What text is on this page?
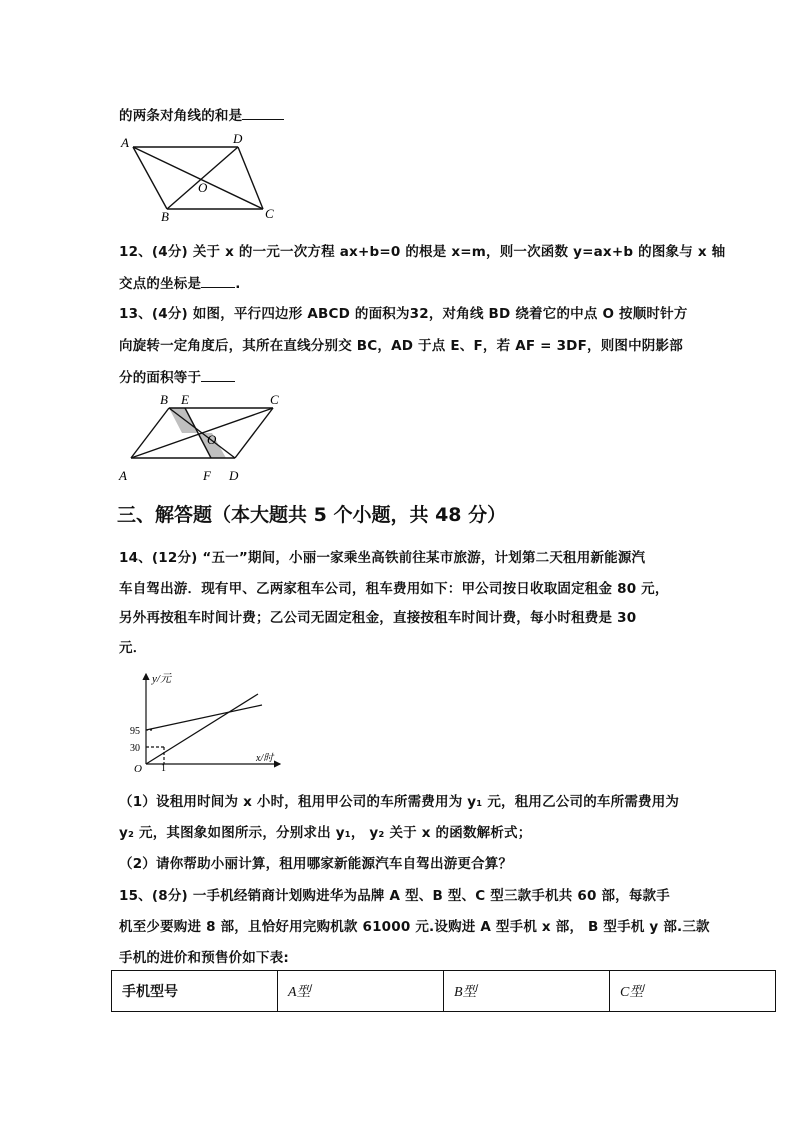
的两条对角线的和是
A	D
O
B	C
12、(4分) 关于 x 的一元一次方程 ax+b=0 的根是 x=m，则一次函数 y=ax+b 的图象与 x 轴
交点的坐标是	.
13、(4分) 如图，平行四边形 ABCD 的面积为32，对角线 BD 绕着它的中点 O 按顺时针方
向旋转一定角度后，其所在直线分别交 BC，AD 于点 E、F，若 AF = 3DF，则图中阴影部
分的面积等于
B E	C
O
A	F D
三、解答题（本大题共 5 个小题，共 48 分）
14、(12分) “五一”期间，小丽一家乘坐高铁前往某市旅游，计划第二天租用新能源汽
车自驾出游．现有甲、乙两家租车公司，租车费用如下：甲公司按日收取固定租金 80 元，
另外再按租车时间计费；乙公司无固定租金，直接按租车时间计费，每小时租费是 30
元．
y/元
x/时
95
30
1
O
（1）设租用时间为 x 小时，租用甲公司的车所需费用为 y₁ 元，租用乙公司的车所需费用为
y₂ 元，其图象如图所示，分别求出 y₁， y₂ 关于 x 的函数解析式；
（2）请你帮助小丽计算，租用哪家新能源汽车自驾出游更合算？
15、(8分) 一手机经销商计划购进华为品牌 A 型、B 型、C 型三款手机共 60 部，每款手
机至少要购进 8 部，且恰好用完购机款 61000 元.设购进 A 型手机 x 部， B 型手机 y 部.三款
手机的进价和预售价如下表:
手机型号	A型	B型	C型
